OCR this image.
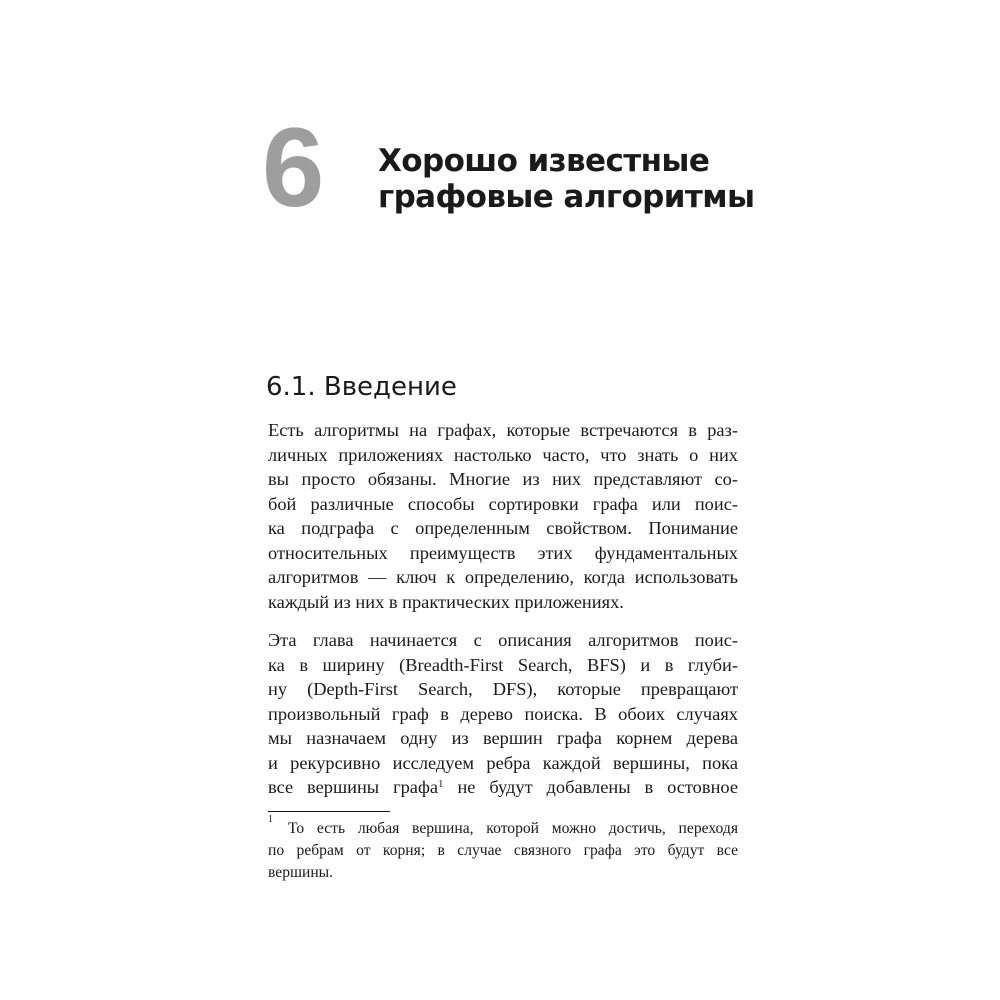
6 Хорошо известные
графовые алгоритмы
6.1. Введение

Есть алгоритмы на графах, которые встречаются в раз-
личных приложениях настолько часто, что знать о них
вы просто обязаны. Многие из них представляют со-
бой различные способы сортировки графа или поис-
ка подграфа с определенным свойством. Понимание
относительных преимуществ этих фундаментальных
алгоритмов — ключ к определению, когда использовать
каждый из них в практических приложениях.

Эта глава начинается с описания алгоритмов поис-
ка в ширину (Breadth-First Search, BFS) и в глуби-
ну (Depth-First Search, DFS), которые превращают
произвольный граф в дерево поиска. В обоих случаях
мы назначаем одну из вершин графа корнем дерева
и рекурсивно исследуем ребра каждой вершины, пока
все вершины графа$^1$ не будут добавлены в остовное

1
То есть любая вершина, которой можно достичь, переходя
по ребрам от корня; в случае связного графа это будут все
вершины.
